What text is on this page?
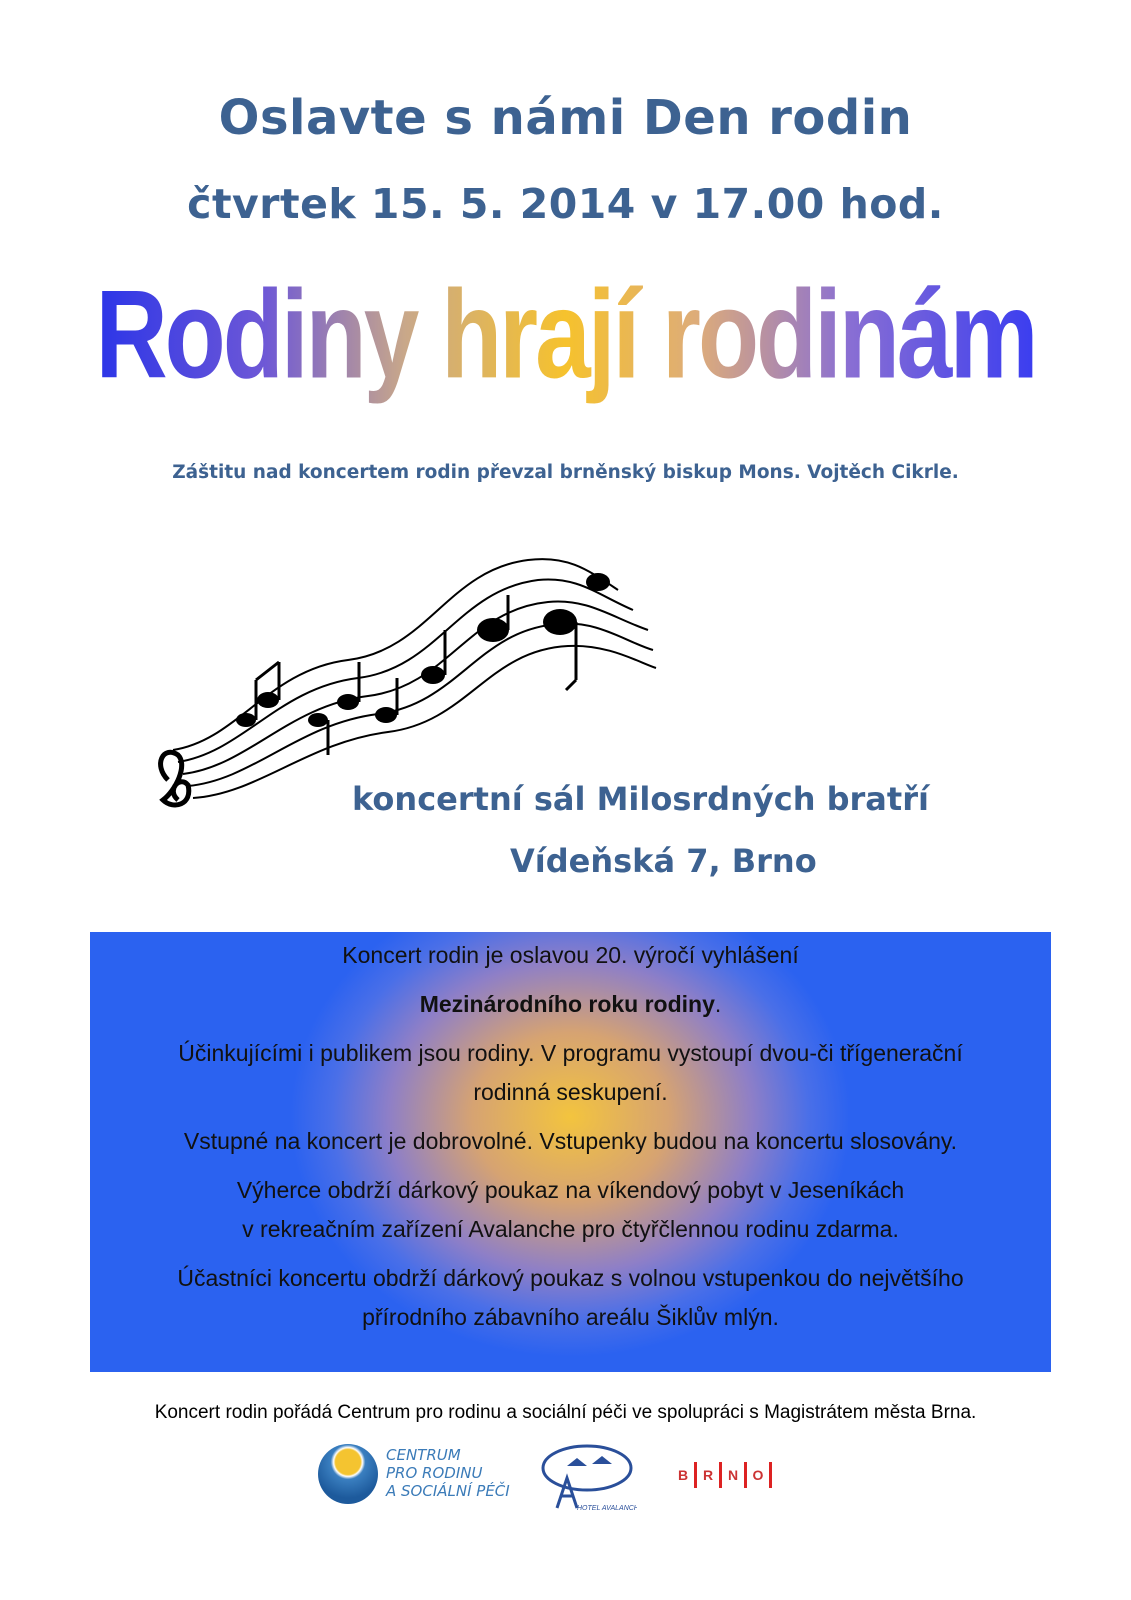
Oslavte s námi Den rodin
čtvrtek 15. 5. 2014 v 17.00 hod.
Rodiny hrají rodinám
Záštitu nad koncertem rodin převzal brněnský biskup Mons. Vojtěch Cikrle.
koncertní sál Milosrdných bratří
Vídeňská 7, Brno

Koncert rodin je oslavou 20. výročí vyhlášení

Mezinárodního roku rodiny.

Účinkujícími i publikem jsou rodiny. V programu vystoupí dvou-či třígenerační

rodinná seskupení.

Vstupné na koncert je dobrovolné. Vstupenky budou na koncertu slosovány.

Výherce obdrží dárkový poukaz na víkendový pobyt v Jeseníkách

v rekreačním zařízení Avalanche pro čtyřčlennou rodinu zdarma.

Účastníci koncertu obdrží dárkový poukaz s volnou vstupenkou do největšího

přírodního zábavního areálu Šiklův mlýn.

Koncert rodin pořádá Centrum pro rodinu a sociální péči ve spolupráci s Magistrátem města Brna.
CENTRUM
PRO RODINU
A SOCIÁLNÍ PÉČI
HOTEL AVALANCHE
B	R	N	O
